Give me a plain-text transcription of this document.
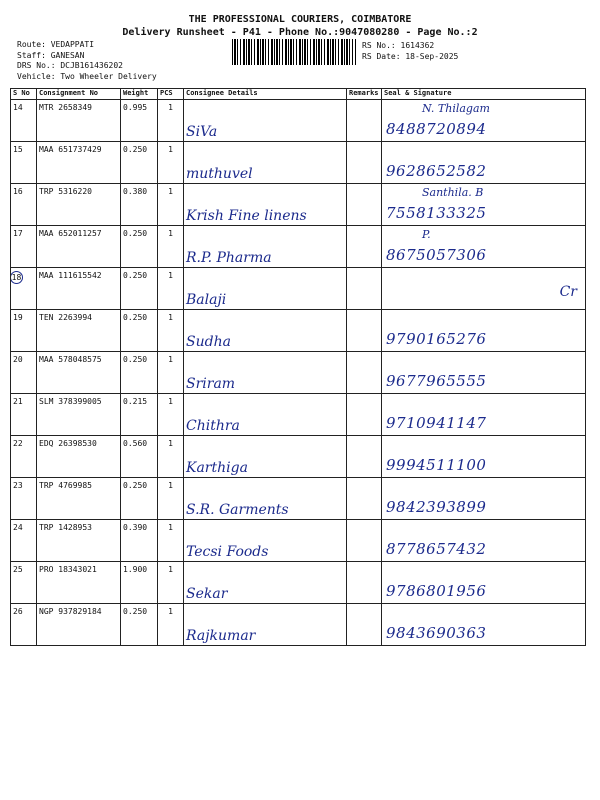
THE PROFESSIONAL COURIERS, COIMBATORE
Delivery Runsheet - P41 - Phone No.:9047080280 - Page No.:2
Route: VEDAPPATI
Staff: GANESAN
DRS No.: DCJB161436202
Vehicle: Two Wheeler Delivery
RS No.: 1614362
RS Date: 18-Sep-2025
S No	Consignment No	Weight	PCS	Consignee Details	Remarks	Seal & Signature
14	MTR 2658349	0.995	1	SiVa		N. Thilagam
8488720894

15	MAA 651737429	0.250	1	muthuvel		9628652582

16	TRP 5316220	0.380	1	Krish Fine linens		Santhila. B
7558133325

17	MAA 652011257	0.250	1	R.P. Pharma		P.
8675057306

18	MAA 111615542	0.250	1	Balaji		Cr

19	TEN 2263994	0.250	1	Sudha		9790165276

20	MAA 578048575	0.250	1	Sriram		9677965555

21	SLM 378399005	0.215	1	Chithra		9710941147

22	EDQ 26398530	0.560	1	Karthiga		9994511100

23	TRP 4769985	0.250	1	S.R. Garments		9842393899

24	TRP 1428953	0.390	1	Tecsi Foods		8778657432

25	PRO 18343021	1.900	1	Sekar		9786801956

26	NGP 937829184	0.250	1	Rajkumar		9843690363
